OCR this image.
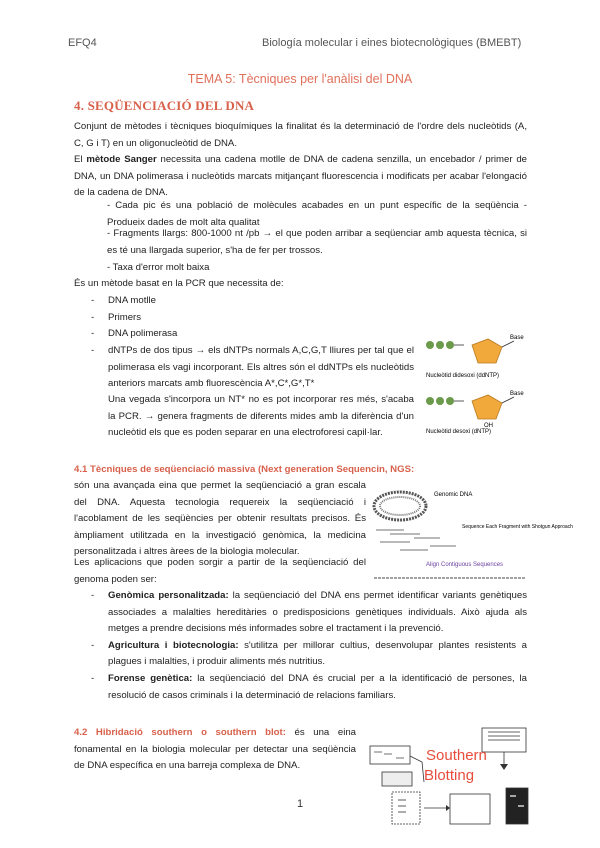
EFQ4	Biología molecular i eines biotecnològiques (BMEBT)
TEMA 5: Tècniques per l'anàlisi del DNA
4. SEQÜENCIACIÓ DEL DNA
Conjunt de mètodes i tècniques bioquímiques la finalitat és la determinació de l'ordre dels nucleòtids (A, C, G i T) en un oligonucleòtid de DNA.
El mètode Sanger necessita una cadena motlle de DNA de cadena senzilla, un encebador / primer de DNA, un DNA polimerasa i nucleòtids marcats mitjançant fluorescencia i modificats per acabar l'elongació de la cadena de DNA.
- Cada pic és una població de molècules acabades en un punt específic de la seqüència - Produeix dades de molt alta qualitat
- Fragments llargs: 800-1000 nt /pb → el que poden arribar a seqüenciar amb aquesta tècnica, si es té una llargada superior, s'ha de fer per trossos.
- Taxa d'error molt baixa
És un mètode basat en la PCR que necessita de:
- DNA motlle
- Primers
- DNA polimerasa
- dNTPs de dos tipus → els dNTPs normals A,C,G,T lliures per tal que el polimerasa els vagi incorporant. Els altres són el ddNTPs els nucleòtids anteriors marcats amb fluorescència A*,C*,G*,T*
Una vegada s'incorpora un NT* no es pot incorporar res més, s'acaba la PCR. → genera fragments de diferents mides amb la diferència d'un nucleòtid els que es poden separar en una electroforesi capil·lar.
Base
Nucleòtid didesoxi (ddNTP)
Base
OH
Nucleòtid desoxi (dNTP)
4.1 Tècniques de seqüenciació massiva (Next generation Sequencin, NGS:
són una avançada eina que permet la seqüenciació a gran escala del DNA. Aquesta tecnologia requereix la seqüenciació i l'acoblament de les seqüències per obtenir resultats precisos. És àmpliament utilitzada en la investigació genòmica, la medicina personalitzada i altres àrees de la biologia molecular.
Genomic DNA
Sequence Each Fragment with Shotgun Approach
Align Contiguous Sequences
Les aplicacions que poden sorgir a partir de la seqüenciació del genoma poden ser:
- Genòmica personalitzada: la seqüenciació del DNA ens permet identificar variants genètiques associades a malalties hereditàries o predisposicions genètiques individuals. Això ajuda als metges a prendre decisions més informades sobre el tractament i la prevenció.
- Agricultura i biotecnologia: s'utilitza per millorar cultius, desenvolupar plantes resistents a plagues i malalties, i produir aliments més nutritius.
- Forense genètica: la seqüenciació del DNA és crucial per a la identificació de persones, la resolució de casos criminals i la determinació de relacions familiars.
4.2 Hibridació southern o southern blot: és una eina fonamental en la biologia molecular per detectar una seqüència de DNA específica en una barreja complexa de DNA.
Southern
Blotting
1
